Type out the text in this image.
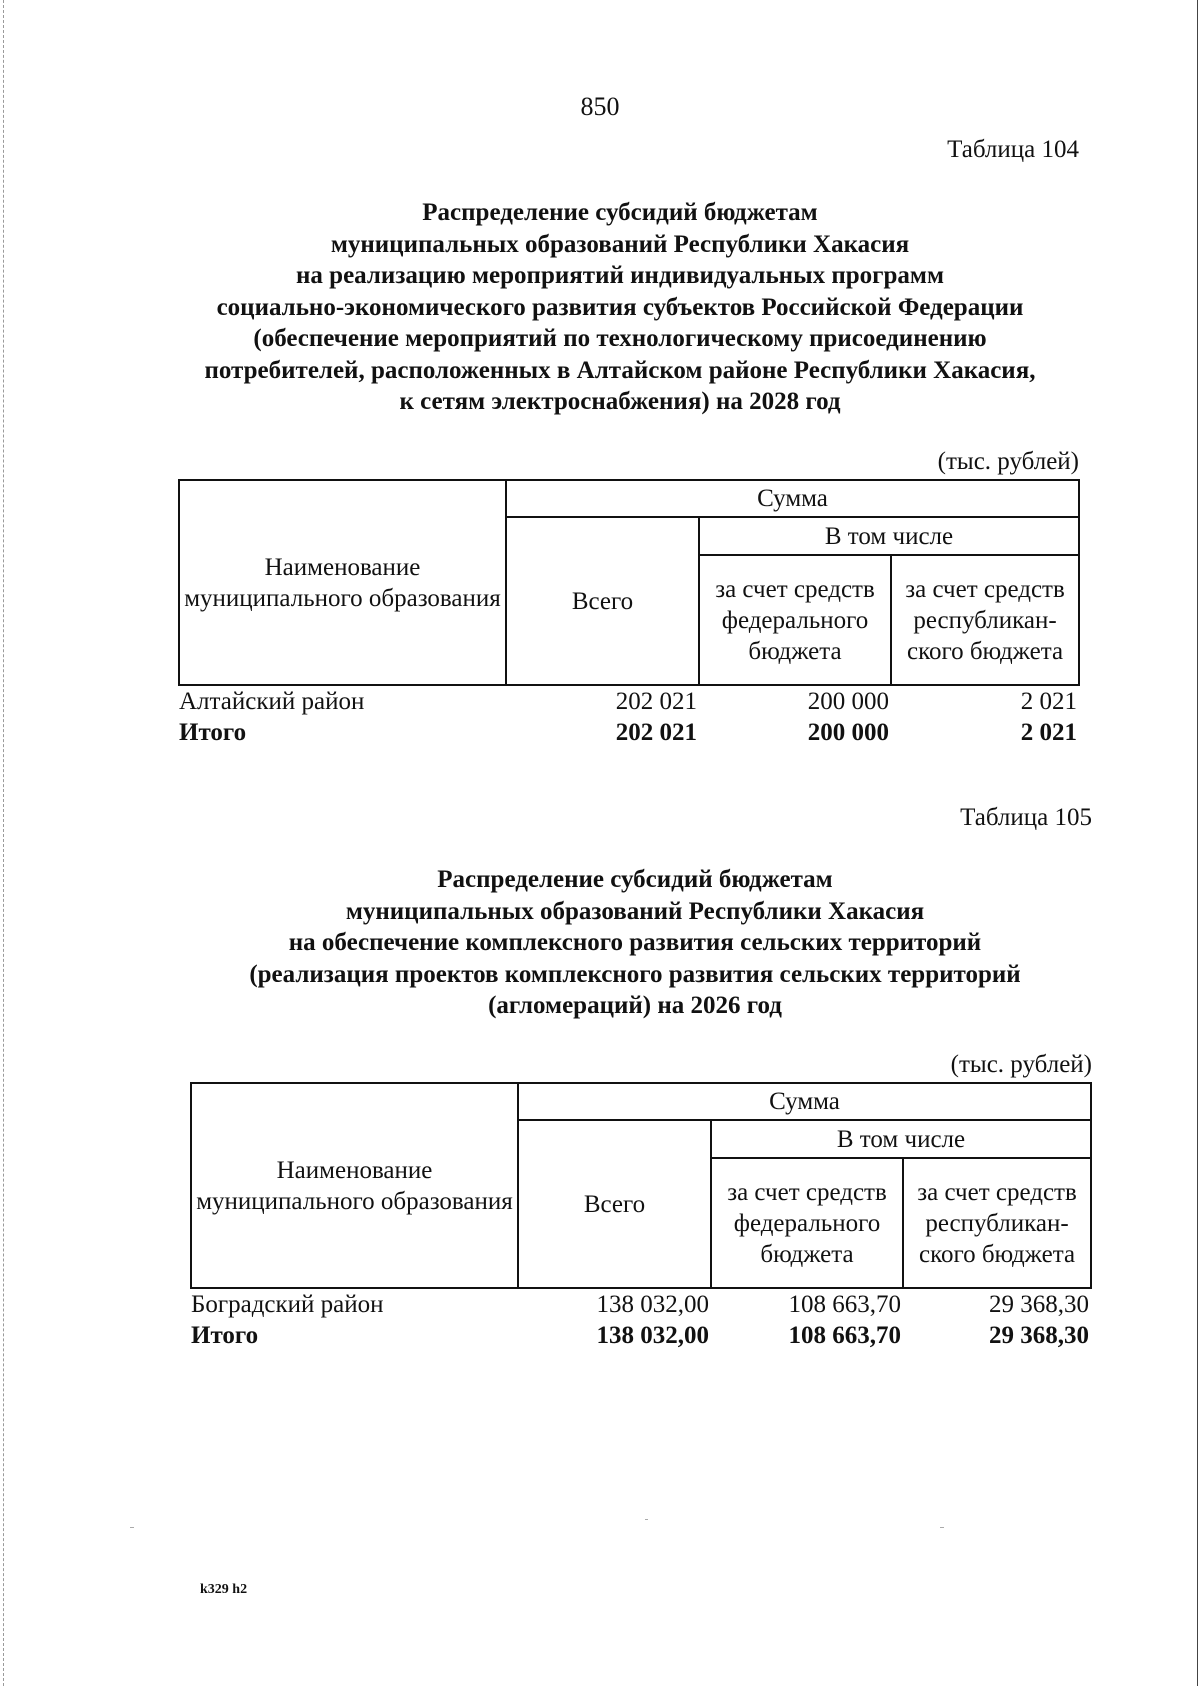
850
Таблица 104
Распределение субсидий бюджетам
муниципальных образований Республики Хакасия
на реализацию мероприятий индивидуальных программ
социально-экономического развития субъектов Российской Федерации
(обеспечение мероприятий по технологическому присоединению
потребителей, расположенных в Алтайском районе Республики Хакасия,
к сетям электроснабжения) на 2028 год
(тыс. рублей)
Наименование муниципального образования	Сумма		
	Всего	В том числе	
		за счет средств федерального бюджета	за счет средств республикан-ского бюджета
Алтайский район	202 021	200 000	2 021
Итого	202 021	200 000	2 021
Таблица 105
Распределение субсидий бюджетам
муниципальных образований Республики Хакасия
на обеспечение комплексного развития сельских территорий
(реализация проектов комплексного развития сельских территорий
(агломераций) на 2026 год
(тыс. рублей)
Наименование муниципального образования	Сумма		
	Всего	В том числе	
		за счет средств федерального бюджета	за счет средств республикан-ского бюджета
Боградский район	138 032,00	108 663,70	29 368,30
Итого	138 032,00	108 663,70	29 368,30
k329 h2
